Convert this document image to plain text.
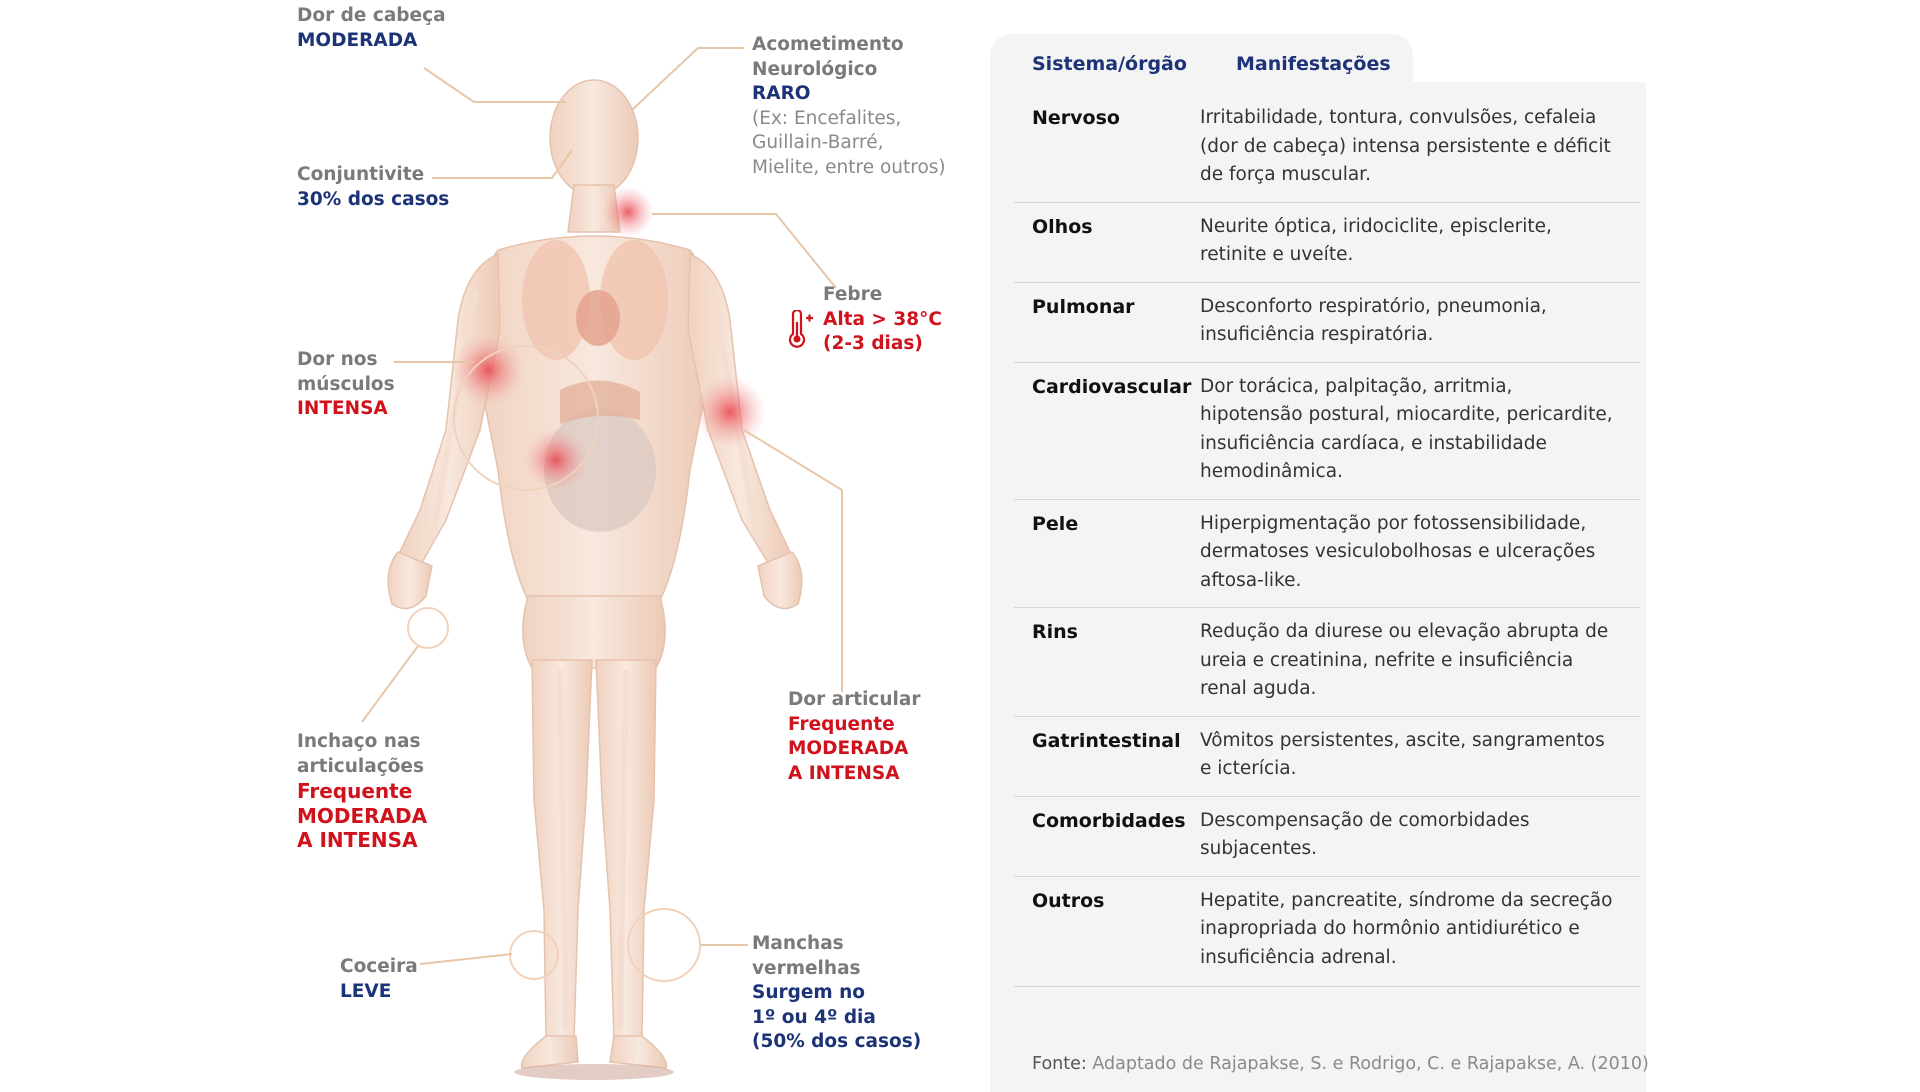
Dor de cabeça
MODERADA	Acometimento
Neurológico
RARO
(Ex: Encefalites,
Guillain-Barré,
Mielite, entre outros)
Conjuntivite
30% dos casos
Febre
Alta > 38°C
(2-3 dias)
Dor nos
músculos
INTENSA
Dor articular
Frequente
MODERADA
A INTENSA
Inchaço nas
articulações
Frequente
MODERADA
A INTENSA
Coceira
LEVE
Manchas
vermelhas
Surgem no
1º ou 4º dia
(50% dos casos)
Sistema/órgão	Manifestações
Nervoso	Irritabilidade, tontura, convulsões, cefaleia (dor de cabeça) intensa persistente e déficit de força muscular.
Olhos	Neurite óptica, iridociclite, episclerite, retinite e uveíte.
Pulmonar	Desconforto respiratório, pneumonia, insuficiência respiratória.
Cardiovascular Dor torácica, palpitação, arritmia, hipotensão postural, miocardite, pericardite, insuficiência cardíaca, e instabilidade hemodinâmica.
Pele	Hiperpigmentação por fotossensibilidade, dermatoses vesiculobolhosas e ulcerações aftosa-like.
Rins	Redução da diurese ou elevação abrupta de ureia e creatinina, nefrite e insuficiência renal aguda.
Gatrintestinal	Vômitos persistentes, ascite, sangramentos e icterícia.
Comorbidades Descompensação de comorbidades subjacentes.
Outros	Hepatite, pancreatite, síndrome da secreção inapropriada do hormônio antidiurético e insuficiência adrenal.
Fonte: Adaptado de Rajapakse, S. e Rodrigo, C. e Rajapakse, A. (2010)
